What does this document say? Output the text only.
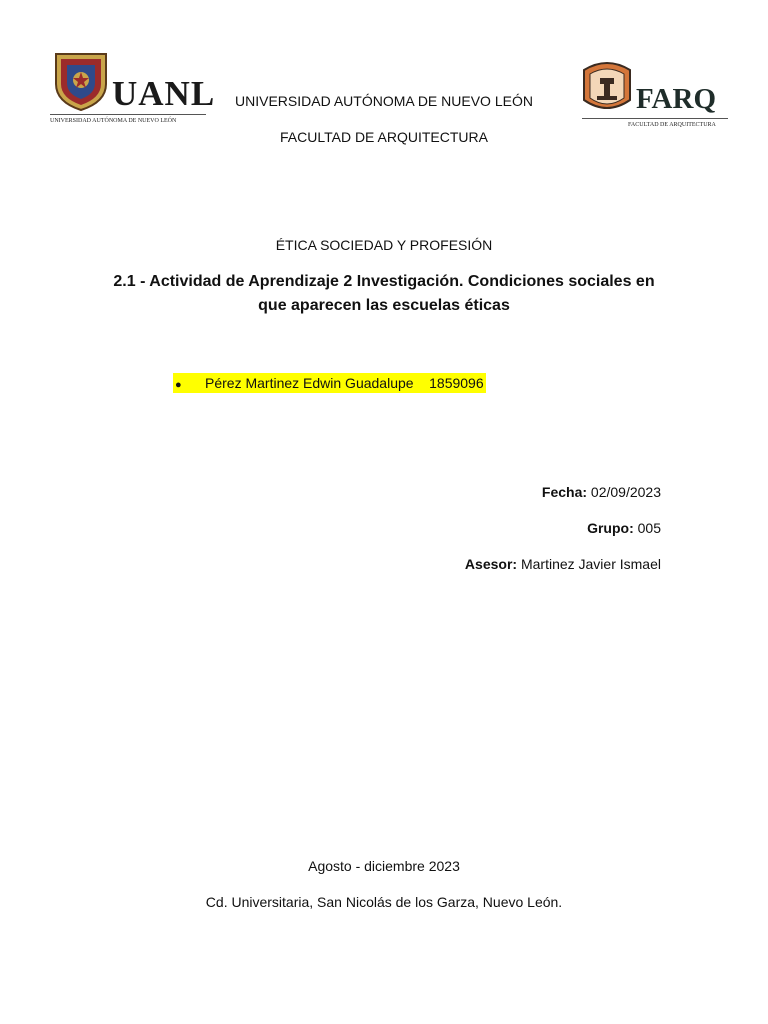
UANL
UNIVERSIDAD AUTÓNOMA DE NUEVO LEÓN
FARQ
FACULTAD DE ARQUITECTURA
UNIVERSIDAD AUTÓNOMA DE NUEVO LEÓN
FACULTAD DE ARQUITECTURA
ÉTICA SOCIEDAD Y PROFESIÓN
2.1 - Actividad de Aprendizaje 2 Investigación. Condiciones sociales en que aparecen las escuelas éticas
● Pérez Martinez Edwin Guadalupe 1859096
Fecha: 02/09/2023
Grupo: 005
Asesor: Martinez Javier Ismael
Agosto - diciembre 2023
Cd. Universitaria, San Nicolás de los Garza, Nuevo León.
